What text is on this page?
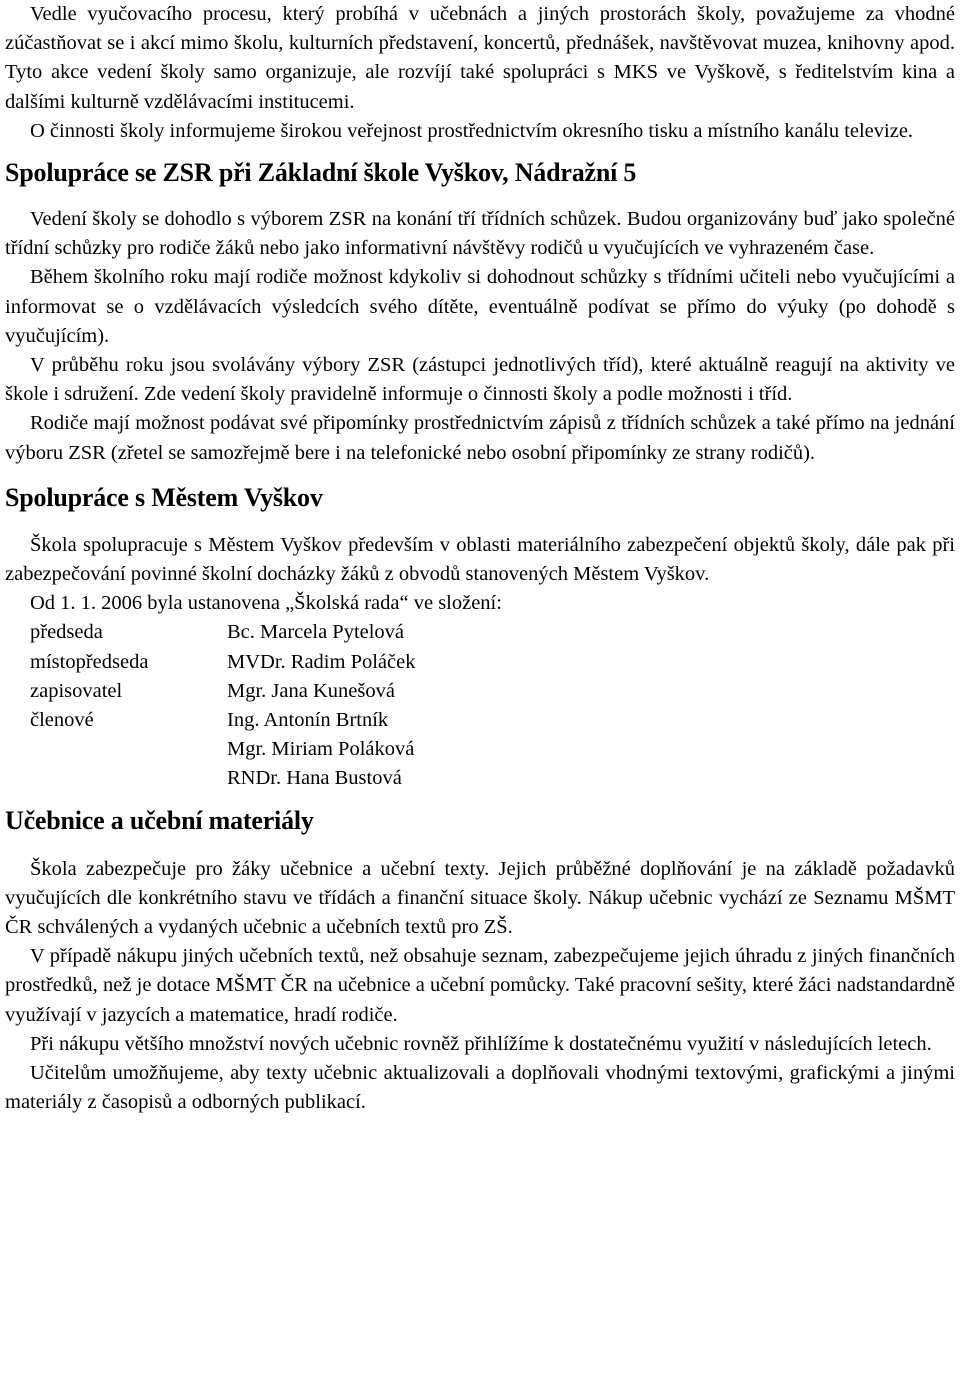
Vedle vyučovacího procesu, který probíhá v učebnách a jiných prostorách školy, považujeme za vhodné zúčastňovat se i akcí mimo školu, kulturních představení, koncertů, přednášek, navštěvovat muzea, knihovny apod. Tyto akce vedení školy samo organizuje, ale rozvíjí také spolupráci s MKS ve Vyškově, s ředitelstvím kina a dalšími kulturně vzdělávacími institucemi.

O činnosti školy informujeme širokou veřejnost prostřednictvím okresního tisku a místního kanálu televize.

Spolupráce se ZSR při Základní škole Vyškov, Nádražní 5

Vedení školy se dohodlo s výborem ZSR na konání tří třídních schůzek. Budou organizovány buď jako společné třídní schůzky pro rodiče žáků nebo jako informativní návštěvy rodičů u vyučujících ve vyhrazeném čase.

Během školního roku mají rodiče možnost kdykoliv si dohodnout schůzky s třídními učiteli nebo vyučujícími a informovat se o vzdělávacích výsledcích svého dítěte, eventuálně podívat se přímo do výuky (po dohodě s vyučujícím).

V průběhu roku jsou svolávány výbory ZSR (zástupci jednotlivých tříd), které aktuálně reagují na aktivity ve škole i sdružení. Zde vedení školy pravidelně informuje o činnosti školy a podle možnosti i tříd.

Rodiče mají možnost podávat své připomínky prostřednictvím zápisů z třídních schůzek a také přímo na jednání výboru ZSR (zřetel se samozřejmě bere i na telefonické nebo osobní připomínky ze strany rodičů).

Spolupráce s Městem Vyškov

Škola spolupracuje s Městem Vyškov především v oblasti materiálního zabezpečení objektů školy, dále pak při zabezpečování povinné školní docházky žáků z obvodů stanovených Městem Vyškov.

Od 1. 1. 2006 byla ustanovena „Školská rada“ ve složení:

předseda	Bc. Marcela Pytelová
místopředseda	MVDr. Radim Poláček
zapisovatel	Mgr. Jana Kunešová
členové	Ing. Antonín Brtník
Mgr. Miriam Poláková
RNDr. Hana Bustová
Učebnice a učební materiály

Škola zabezpečuje pro žáky učebnice a učební texty. Jejich průběžné doplňování je na základě požadavků vyučujících dle konkrétního stavu ve třídách a finanční situace školy. Nákup učebnic vychází ze Seznamu MŠMT ČR schválených a vydaných učebnic a učebních textů pro ZŠ.

V případě nákupu jiných učebních textů, než obsahuje seznam, zabezpečujeme jejich úhradu z jiných finančních prostředků, než je dotace MŠMT ČR na učebnice a učební pomůcky. Také pracovní sešity, které žáci nadstandardně využívají v jazycích a matematice, hradí rodiče.

Při nákupu většího množství nových učebnic rovněž přihlížíme k dostatečnému využití v následujících letech.

Učitelům umožňujeme, aby texty učebnic aktualizovali a doplňovali vhodnými textovými, grafickými a jinými materiály z časopisů a odborných publikací.
